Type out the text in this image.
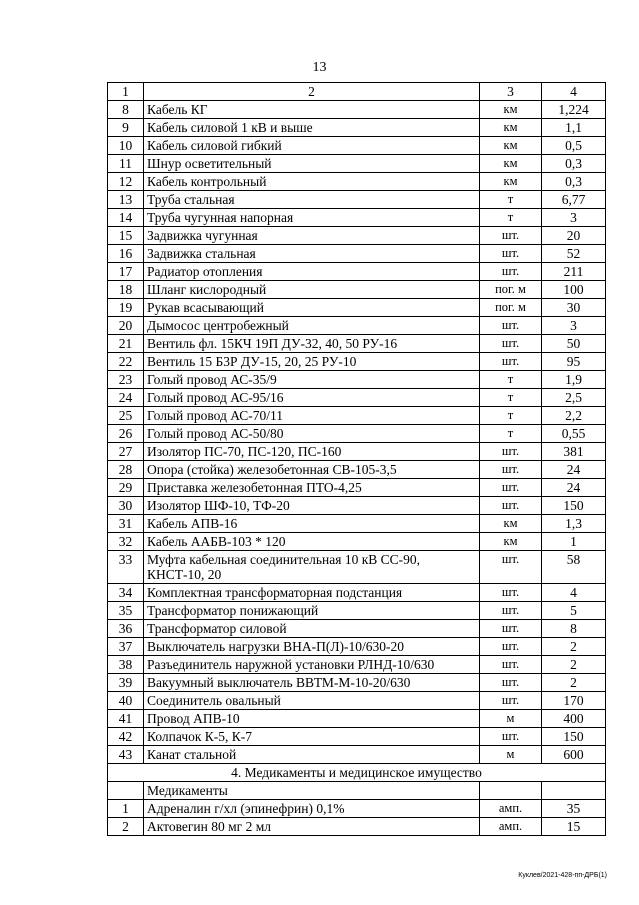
13
1	2	3	4
8	Кабель КГ	км	1,224
9	Кабель силовой 1 кВ и выше	км	1,1
10	Кабель силовой гибкий	км	0,5
11	Шнур осветительный	км	0,3
12	Кабель контрольный	км	0,3
13	Труба стальная	т	6,77
14	Труба чугунная напорная	т	3
15	Задвижка чугунная	шт.	20
16	Задвижка стальная	шт.	52
17	Радиатор отопления	шт.	211
18	Шланг кислородный	пог. м	100
19	Рукав всасывающий	пог. м	30
20	Дымосос центробежный	шт.	3
21	Вентиль фл. 15КЧ 19П ДУ-32, 40, 50 РУ-16	шт.	50
22	Вентиль 15 Б3Р ДУ-15, 20, 25 РУ-10	шт.	95
23	Голый провод АС-35/9	т	1,9
24	Голый провод АС-95/16	т	2,5
25	Голый провод АС-70/11	т	2,2
26	Голый провод АС-50/80	т	0,55
27	Изолятор ПС-70, ПС-120, ПС-160	шт.	381
28	Опора (стойка) железобетонная СВ-105-3,5	шт.	24
29	Приставка железобетонная ПТО-4,25	шт.	24
30	Изолятор ШФ-10, ТФ-20	шт.	150
31	Кабель АПВ-16	км	1,3
32	Кабель ААБВ-103 * 120	км	1
33	Муфта кабельная соединительная 10 кВ СС-90, КНСТ-10, 20	шт.	58
34	Комплектная трансформаторная подстанция	шт.	4
35	Трансформатор понижающий	шт.	5
36	Трансформатор силовой	шт.	8
37	Выключатель нагрузки ВНА-П(Л)-10/630-20	шт.	2
38	Разъединитель наружной установки РЛНД-10/630	шт.	2
39	Вакуумный выключатель ВВТМ-М-10-20/630	шт.	2
40	Соединитель овальный	шт.	170
41	Провод АПВ-10	м	400
42	Колпачок К-5, К-7	шт.	150
43	Канат стальной	м	600
4. Медикаменты и медицинское имущество			
	Медикаменты		
1	Адреналин г/хл (эпинефрин) 0,1%	амп.	35
2	Актовегин 80 мг 2 мл	амп.	15
Куклев/2021-428-пп-ДРБ(1)
